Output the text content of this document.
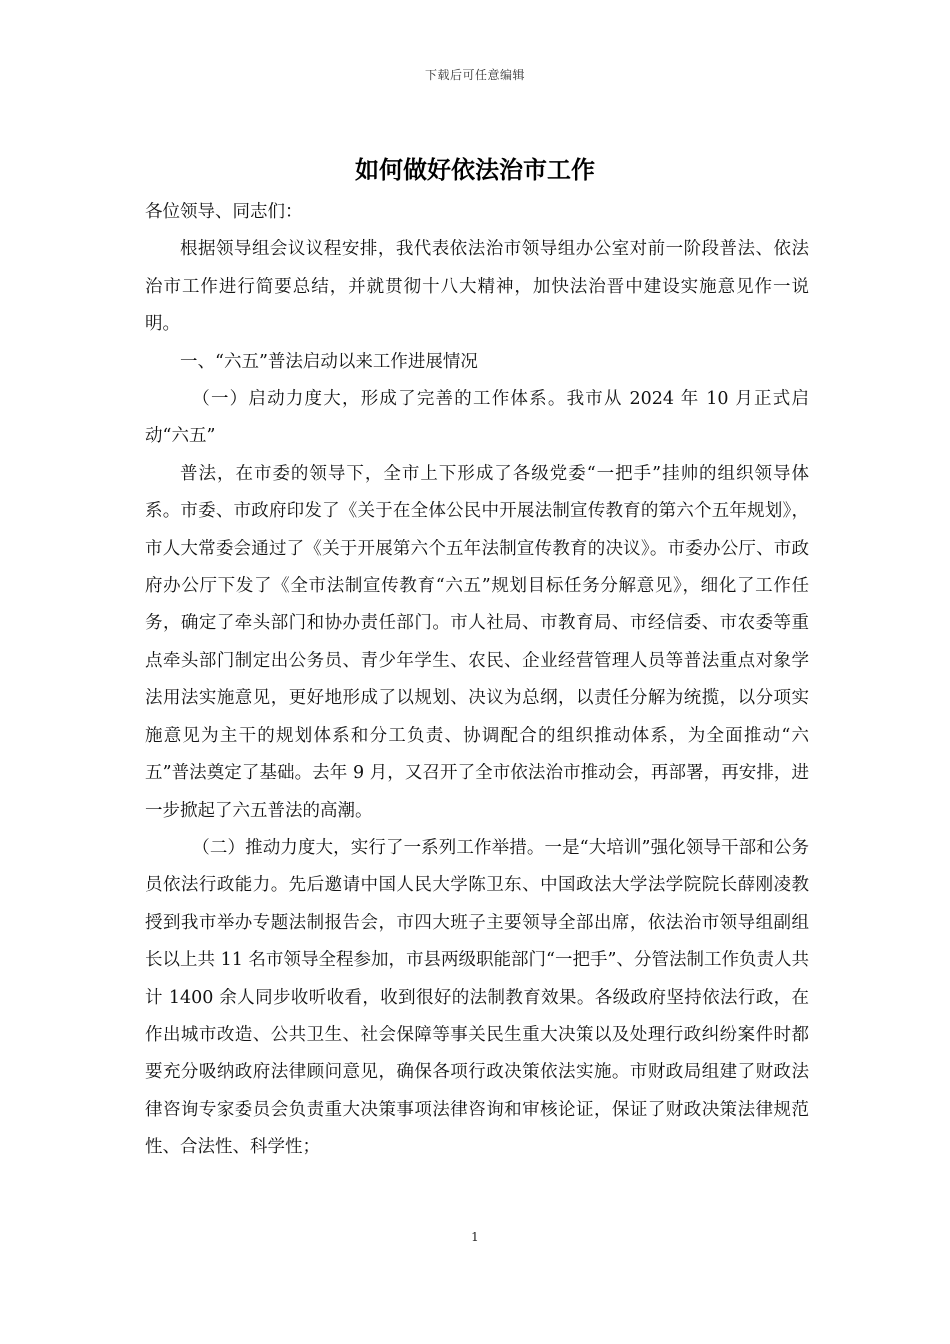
下载后可任意编辑
如何做好依法治市工作

各位领导、同志们：

根据领导组会议议程安排，我代表依法治市领导组办公室对前一阶段普法、依法治市工作进行简要总结，并就贯彻十八大精神，加快法治晋中建设实施意见作一说明。

一、“六五”普法启动以来工作进展情况

（一）启动力度大，形成了完善的工作体系。我市从 2024 年 10 月正式启动“六五”

普法，在市委的领导下，全市上下形成了各级党委“一把手”挂帅的组织领导体系。市委、市政府印发了《关于在全体公民中开展法制宣传教育的第六个五年规划》，市人大常委会通过了《关于开展第六个五年法制宣传教育的决议》。市委办公厅、市政府办公厅下发了《全市法制宣传教育“六五”规划目标任务分解意见》，细化了工作任务，确定了牵头部门和协办责任部门。市人社局、市教育局、市经信委、市农委等重点牵头部门制定出公务员、青少年学生、农民、企业经营管理人员等普法重点对象学法用法实施意见，更好地形成了以规划、决议为总纲，以责任分解为统揽，以分项实施意见为主干的规划体系和分工负责、协调配合的组织推动体系，为全面推动“六五”普法奠定了基础。去年 9 月，又召开了全市依法治市推动会，再部署，再安排，进一步掀起了六五普法的高潮。

（二）推动力度大，实行了一系列工作举措。一是“大培训”强化领导干部和公务员依法行政能力。先后邀请中国人民大学陈卫东、中国政法大学法学院院长薛刚凌教授到我市举办专题法制报告会，市四大班子主要领导全部出席，依法治市领导组副组长以上共 11 名市领导全程参加，市县两级职能部门“一把手”、分管法制工作负责人共计 1400 余人同步收听收看，收到很好的法制教育效果。各级政府坚持依法行政，在作出城市改造、公共卫生、社会保障等事关民生重大决策以及处理行政纠纷案件时都要充分吸纳政府法律顾问意见，确保各项行政决策依法实施。市财政局组建了财政法律咨询专家委员会负责重大决策事项法律咨询和审核论证，保证了财政决策法律规范性、合法性、科学性；

1
